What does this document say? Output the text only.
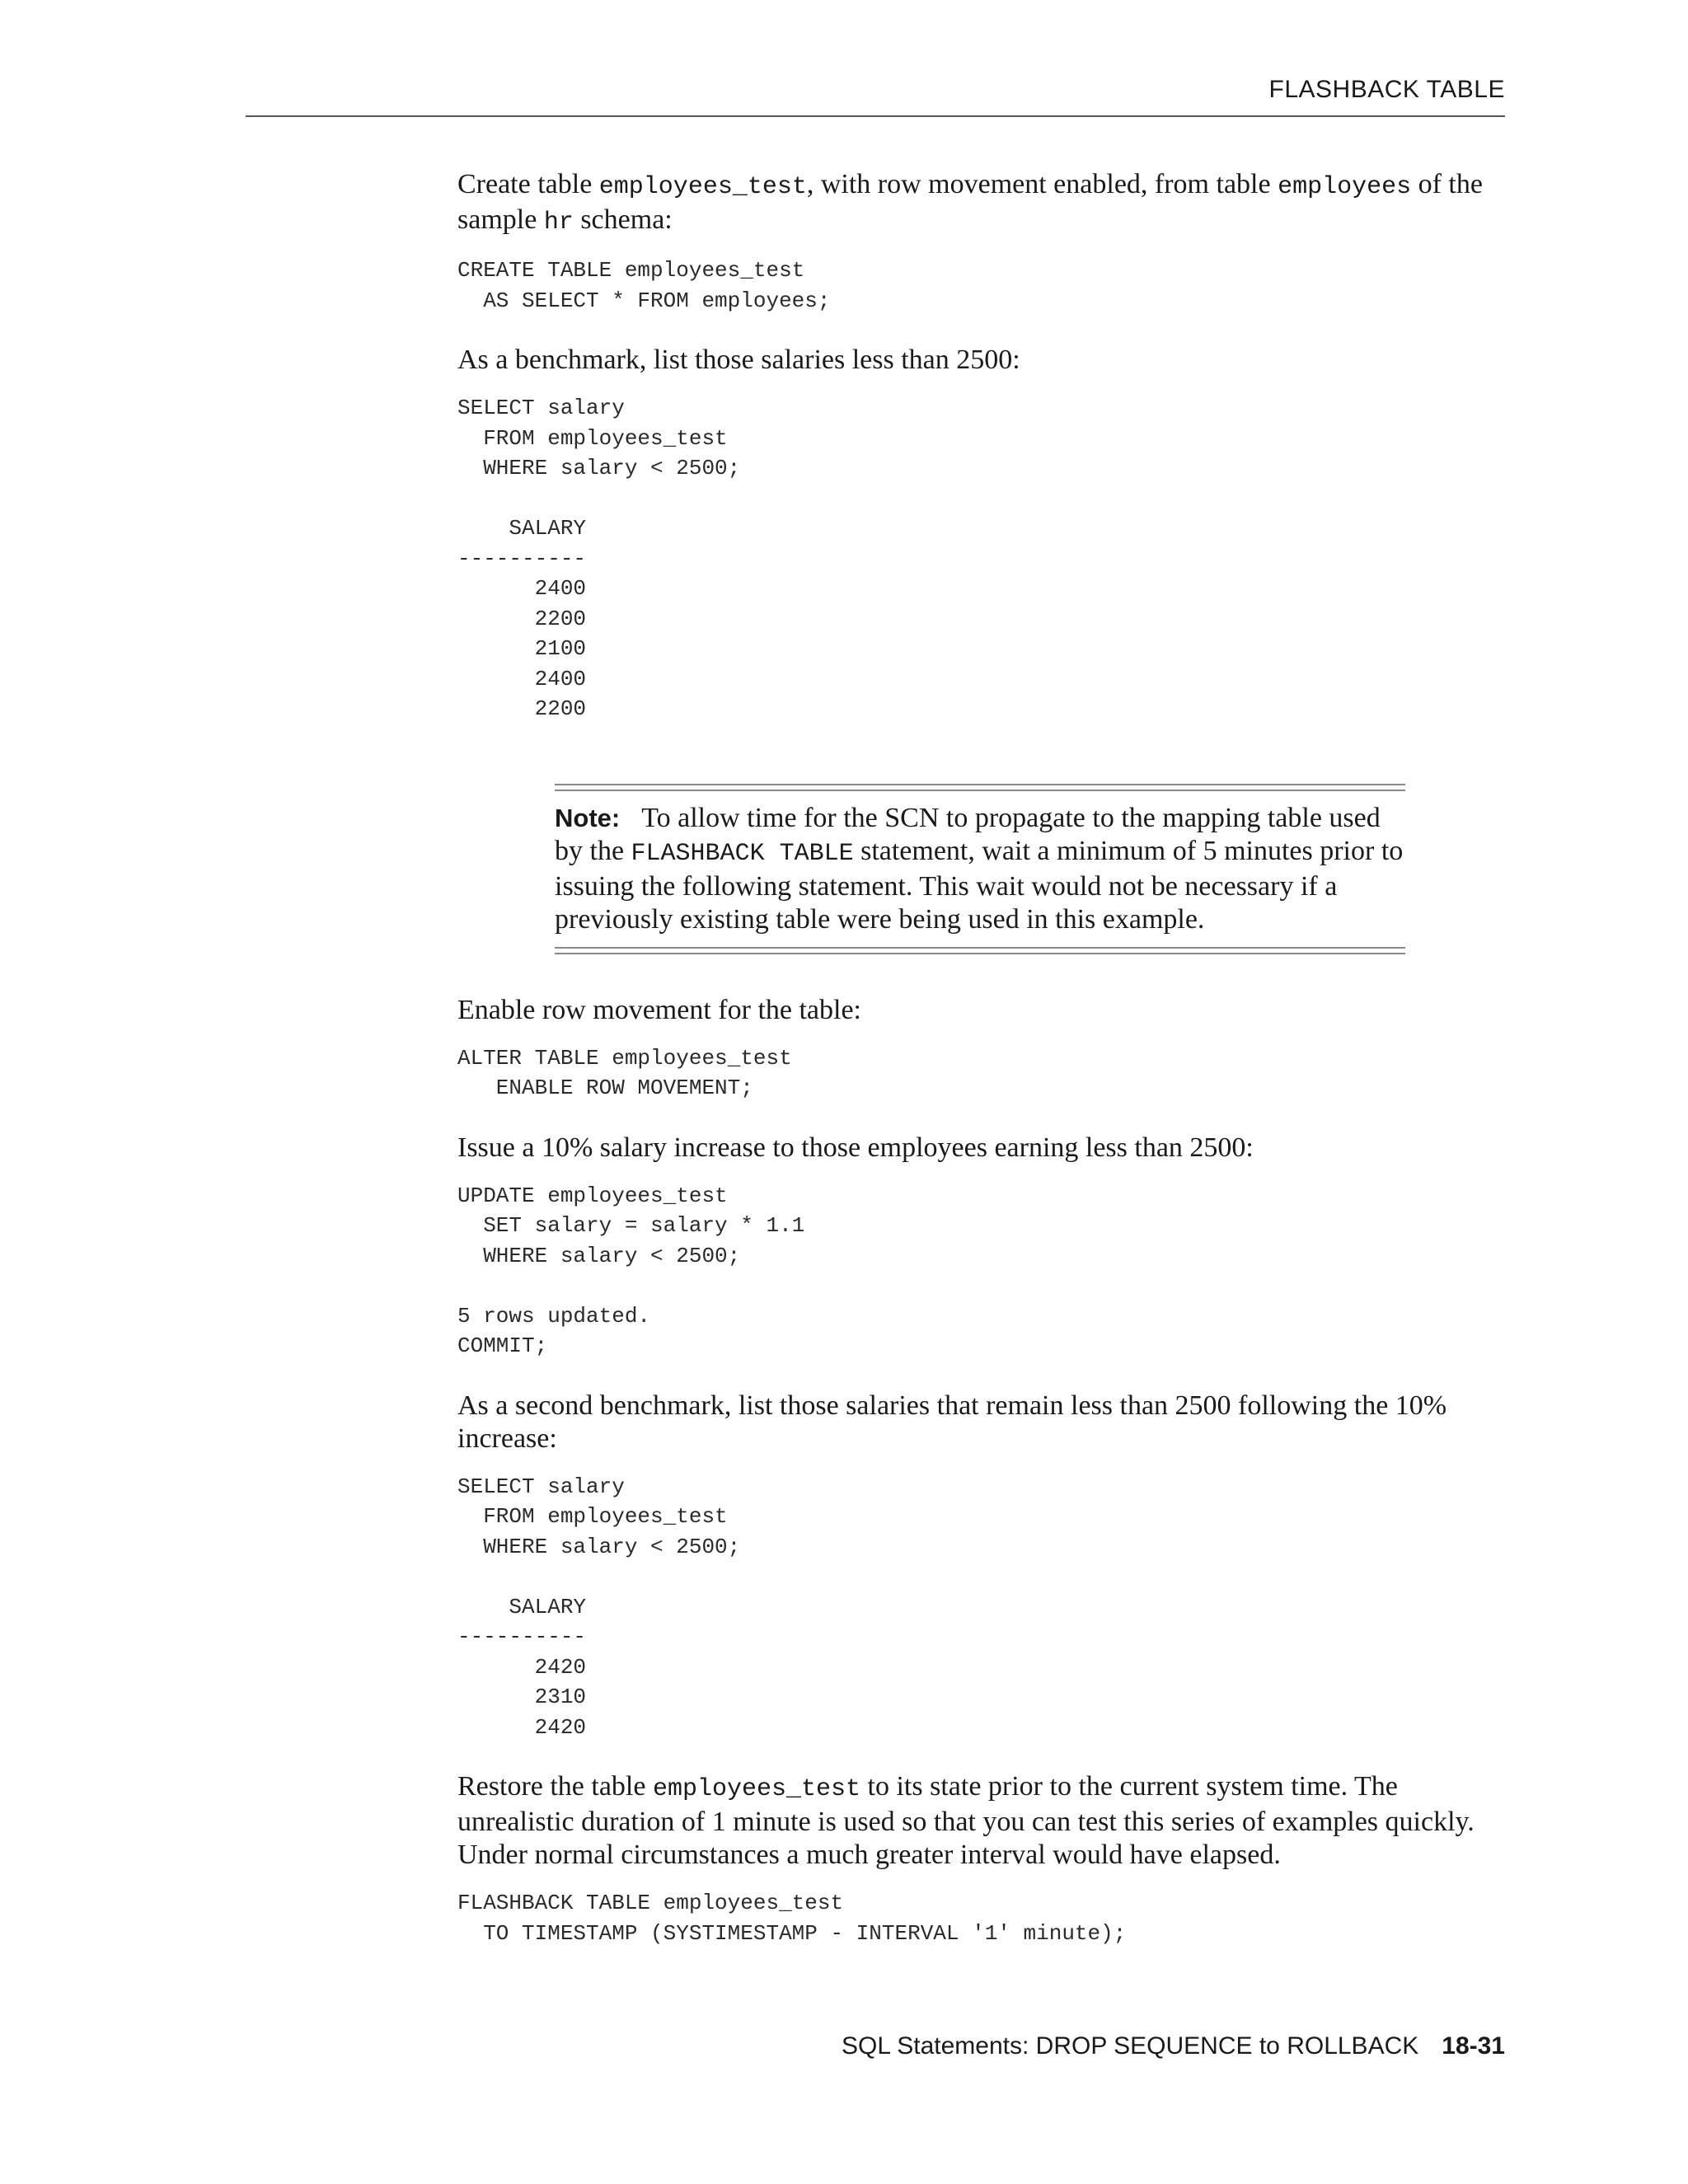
FLASHBACK TABLE

Create table employees_test, with row movement enabled, from table employees of the sample hr schema:

CREATE TABLE employees_test
AS SELECT * FROM employees;

As a benchmark, list those salaries less than 2500:

SELECT salary
FROM employees_test
WHERE salary < 2500;

SALARY
----------
2400
2200
2100
2400
2200
Note: To allow time for the SCN to propagate to the mapping table used by the FLASHBACK TABLE statement, wait a minimum of 5 minutes prior to issuing the following statement. This wait would not be necessary if a previously existing table were being used in this example.

Enable row movement for the table:

ALTER TABLE employees_test
ENABLE ROW MOVEMENT;

Issue a 10% salary increase to those employees earning less than 2500:

UPDATE employees_test
SET salary = salary * 1.1
WHERE salary < 2500;

5 rows updated.
COMMIT;

As a second benchmark, list those salaries that remain less than 2500 following the 10% increase:

SELECT salary
FROM employees_test
WHERE salary < 2500;

SALARY
----------
2420
2310
2420

Restore the table employees_test to its state prior to the current system time. The unrealistic duration of 1 minute is used so that you can test this series of examples quickly. Under normal circumstances a much greater interval would have elapsed.

FLASHBACK TABLE employees_test
TO TIMESTAMP (SYSTIMESTAMP - INTERVAL '1' minute);
SQL Statements: DROP SEQUENCE to ROLLBACK 18-31
